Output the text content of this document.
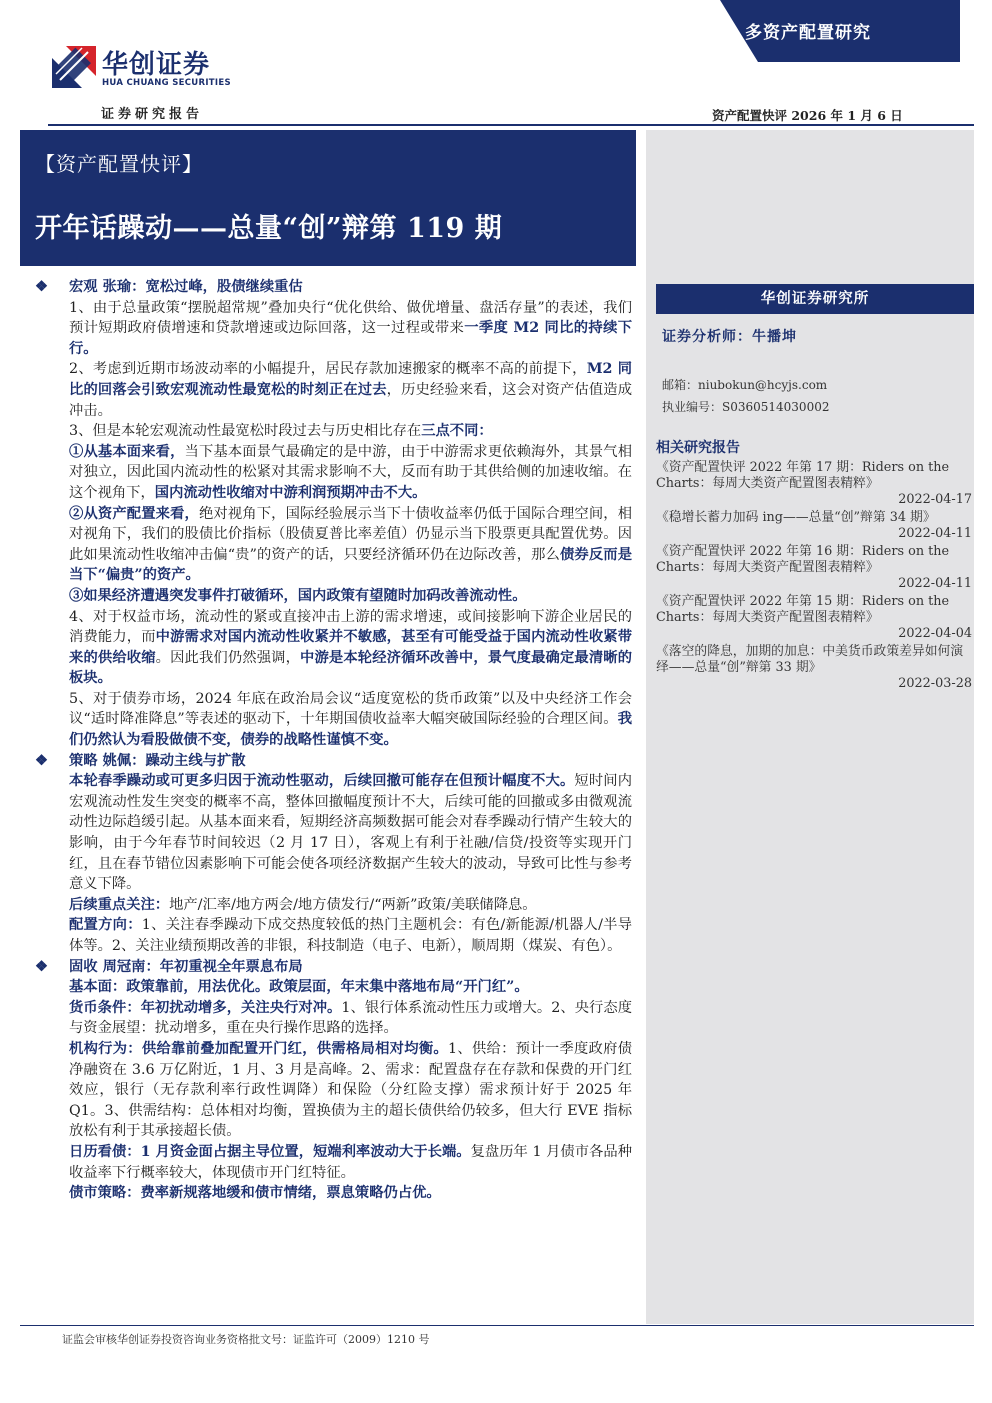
华创证券
HUA CHUANG SECURITIES
证券研究报告
多资产配置研究
资产配置快评 2026 年 1 月 6 日
华创证券研究所
证券分析师：牛播坤
邮箱：niubokun@hcyjs.com
执业编号：S0360514030002
相关研究报告
《资产配置快评 2022 年第 17 期：Riders on the Charts：每周大类资产配置图表精粹》
2022-04-17
《稳增长蓄力加码 ing——总量“创”辩第 34 期》
2022-04-11
《资产配置快评 2022 年第 16 期：Riders on the Charts：每周大类资产配置图表精粹》
2022-04-11
《资产配置快评 2022 年第 15 期：Riders on the Charts：每周大类资产配置图表精粹》
2022-04-04
《落空的降息，加期的加息：中美货币政策差异如何演绎——总量“创”辩第 33 期》
2022-03-28
【资产配置快评】
开年话躁动——总量“创”辩第 119 期
❖ 宏观 张瑜：宽松过峰，股债继续重估
1、由于总量政策“摆脱超常规”叠加央行“优化供给、做优增量、盘活存量”的表述，我们预计短期政府债增速和贷款增速或边际回落，这一过程或带来一季度 M2 同比的持续下行。
2、考虑到近期市场波动率的小幅提升，居民存款加速搬家的概率不高的前提下，M2 同比的回落会引致宏观流动性最宽松的时刻正在过去，历史经验来看，这会对资产估值造成冲击。
3、但是本轮宏观流动性最宽松时段过去与历史相比存在三点不同：
①从基本面来看，当下基本面景气最确定的是中游，由于中游需求更依赖海外，其景气相对独立，因此国内流动性的松紧对其需求影响不大，反而有助于其供给侧的加速收缩。在这个视角下，国内流动性收缩对中游利润预期冲击不大。
②从资产配置来看，绝对视角下，国际经验展示当下十债收益率仍低于国际合理空间，相对视角下，我们的股债比价指标（股债夏普比率差值）仍显示当下股票更具配置优势。因此如果流动性收缩冲击偏“贵”的资产的话，只要经济循环仍在边际改善，那么债券反而是当下“偏贵”的资产。
③如果经济遭遇突发事件打破循环，国内政策有望随时加码改善流动性。
4、对于权益市场，流动性的紧或直接冲击上游的需求增速，或间接影响下游企业居民的消费能力，而中游需求对国内流动性收紧并不敏感，甚至有可能受益于国内流动性收紧带来的供给收缩。因此我们仍然强调，中游是本轮经济循环改善中，景气度最确定最清晰的板块。
5、对于债券市场，2024 年底在政治局会议“适度宽松的货币政策”以及中央经济工作会议“适时降准降息”等表述的驱动下，十年期国债收益率大幅突破国际经验的合理区间。我们仍然认为看股做债不变，债券的战略性谨慎不变。
❖ 策略 姚佩：躁动主线与扩散
本轮春季躁动或可更多归因于流动性驱动，后续回撤可能存在但预计幅度不大。短时间内宏观流动性发生突变的概率不高，整体回撤幅度预计不大，后续可能的回撤或多由微观流动性边际趋缓引起。从基本面来看，短期经济高频数据可能会对春季躁动行情产生较大的影响，由于今年春节时间较迟（2 月 17 日），客观上有利于社融/信贷/投资等实现开门红，且在春节错位因素影响下可能会使各项经济数据产生较大的波动，导致可比性与参考意义下降。
后续重点关注：地产/汇率/地方两会/地方债发行/“两新”政策/美联储降息。
配置方向：1、关注春季躁动下成交热度较低的热门主题机会：有色/新能源/机器人/半导体等。2、关注业绩预期改善的非银，科技制造（电子、电新），顺周期（煤炭、有色）。
❖ 固收 周冠南：年初重视全年票息布局
基本面：政策靠前，用法优化。政策层面，年末集中落地布局“开门红”。
货币条件：年初扰动增多，关注央行对冲。1、银行体系流动性压力或增大。2、央行态度与资金展望：扰动增多，重在央行操作思路的选择。
机构行为：供给靠前叠加配置开门红，供需格局相对均衡。1、供给：预计一季度政府债净融资在 3.6 万亿附近，1 月、3 月是高峰。2、需求：配置盘存在存款和保费的开门红效应，银行（无存款利率行政性调降）和保险（分红险支撑）需求预计好于 2025 年 Q1。3、供需结构：总体相对均衡，置换债为主的超长债供给仍较多，但大行 EVE 指标放松有利于其承接超长债。
日历看债：1 月资金面占据主导位置，短端利率波动大于长端。复盘历年 1 月债市各品种收益率下行概率较大，体现债市开门红特征。
债市策略：费率新规落地缓和债市情绪，票息策略仍占优。
证监会审核华创证券投资咨询业务资格批文号：证监许可（2009）1210 号
